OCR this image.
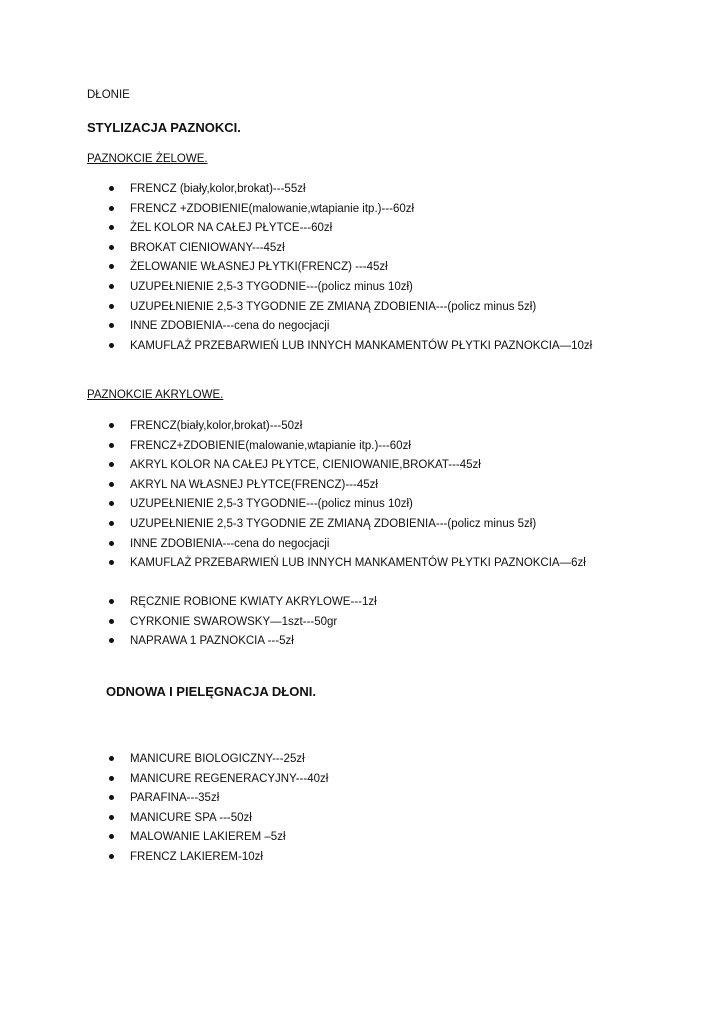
DŁONIE
STYLIZACJA PAZNOKCI.
PAZNOKCIE ŻELOWE.
FRENCZ (biały,kolor,brokat)---55zł
FRENCZ +ZDOBIENIE(malowanie,wtapianie itp.)---60zł
ŻEL KOLOR NA CAŁEJ PŁYTCE---60zł
BROKAT CIENIOWANY---45zł
ŻELOWANIE WŁASNEJ PŁYTKI(FRENCZ) ---45zł
UZUPEŁNIENIE 2,5-3 TYGODNIE---(policz minus 10zł)
UZUPEŁNIENIE 2,5-3 TYGODNIE ZE ZMIANĄ ZDOBIENIA---(policz minus 5zł)
INNE ZDOBIENIA---cena do negocjacji
KAMUFLAŻ PRZEBARWIEŃ LUB INNYCH MANKAMENTÓW PŁYTKI PAZNOKCIA—10zł
PAZNOKCIE AKRYLOWE.
FRENCZ(biały,kolor,brokat)---50zł
FRENCZ+ZDOBIENIE(malowanie,wtapianie itp.)---60zł
AKRYL KOLOR NA CAŁEJ PŁYTCE, CIENIOWANIE,BROKAT---45zł
AKRYL NA WŁASNEJ PŁYTCE(FRENCZ)---45zł
UZUPEŁNIENIE 2,5-3 TYGODNIE---(policz minus 10zł)
UZUPEŁNIENIE 2,5-3 TYGODNIE ZE ZMIANĄ ZDOBIENIA---(policz minus 5zł)
INNE ZDOBIENIA---cena do negocjacji
KAMUFLAŻ PRZEBARWIEŃ LUB INNYCH MANKAMENTÓW PŁYTKI PAZNOKCIA—6zł
RĘCZNIE ROBIONE KWIATY AKRYLOWE---1zł
CYRKONIE SWAROWSKY—1szt---50gr
NAPRAWA 1 PAZNOKCIA ---5zł
ODNOWA I PIELĘGNACJA DŁONI.
MANICURE BIOLOGICZNY---25zł
MANICURE REGENERACYJNY---40zł
PARAFINA---35zł
MANICURE SPA ---50zł
MALOWANIE LAKIEREM –5zł
FRENCZ LAKIEREM-10zł
